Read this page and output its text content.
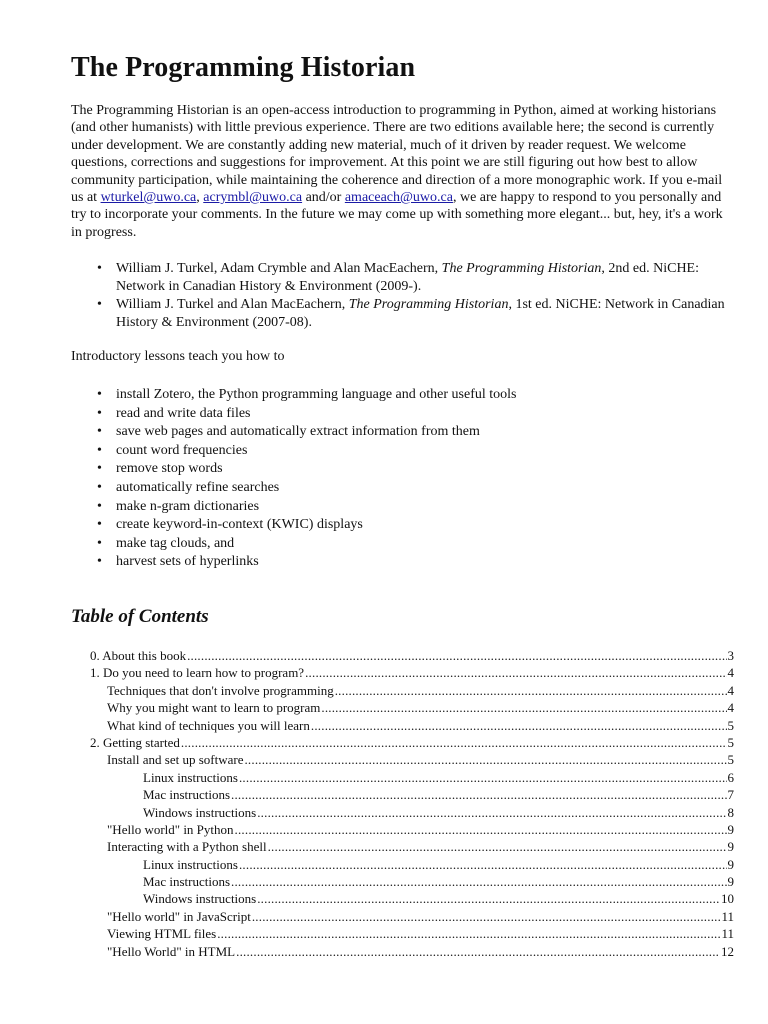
The Programming Historian

The Programming Historian is an open-access introduction to programming in Python, aimed at working historians (and other humanists) with little previous experience. There are two editions available here; the second is currently under development. We are constantly adding new material, much of it driven by reader request. We welcome questions, corrections and suggestions for improvement. At this point we are still figuring out how best to allow community participation, while maintaining the coherence and direction of a more monographic work. If you e-mail us at wturkel@uwo.ca, acrymbl@uwo.ca and/or amaceach@uwo.ca, we are happy to respond to you personally and try to incorporate your comments. In the future we may come up with something more elegant... but, hey, it's a work in progress.

• William J. Turkel, Adam Crymble and Alan MacEachern, The Programming Historian, 2nd ed. NiCHE: Network in Canadian History & Environment (2009-).
• William J. Turkel and Alan MacEachern, The Programming Historian, 1st ed. NiCHE: Network in Canadian History & Environment (2007-08).

Introductory lessons teach you how to

• install Zotero, the Python programming language and other useful tools
• read and write data files
• save web pages and automatically extract information from them
• count word frequencies
• remove stop words
• automatically refine searches
• make n-gram dictionaries
• create keyword-in-context (KWIC) displays
• make tag clouds, and
• harvest sets of hyperlinks
Table of Contents
0. About this book .....	3
1. Do you need to learn how to program? .....	4
Techniques that don't involve programming .....	4
Why you might want to learn to program .....	4
What kind of techniques you will learn .....	5
2. Getting started .....	5
Install and set up software .....	5
Linux instructions .....	6
Mac instructions .....	7
Windows instructions .....	8
"Hello world" in Python .....	9
Interacting with a Python shell .....	9
Linux instructions .....	9
Mac instructions .....	9
Windows instructions .....	10
"Hello world" in JavaScript .....	11
Viewing HTML files .....	11
"Hello World" in HTML .....	12
